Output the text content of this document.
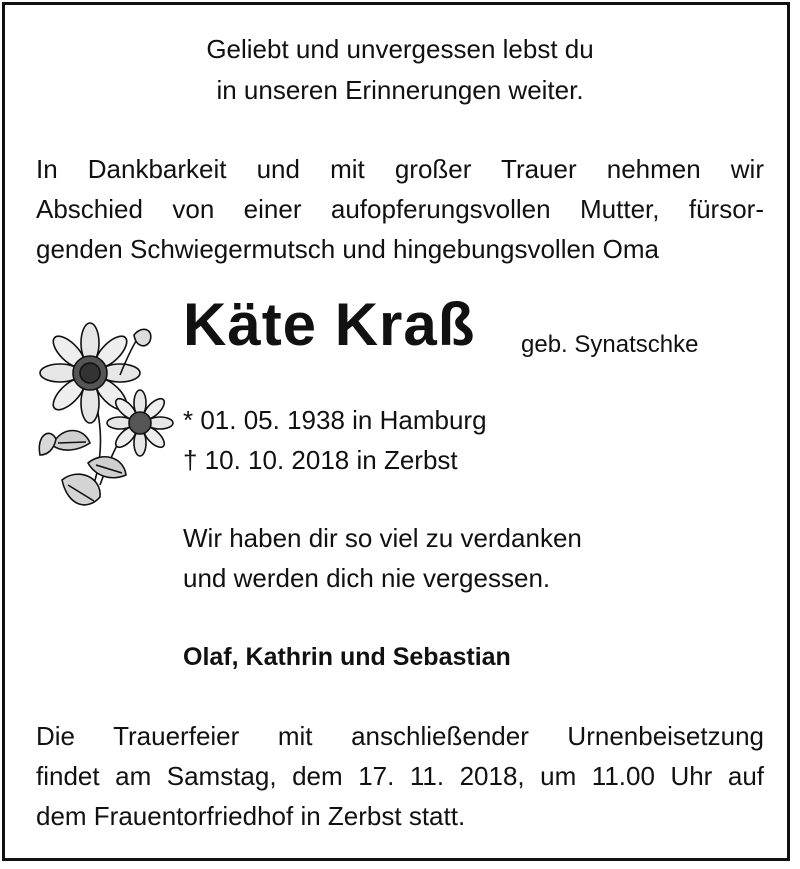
Geliebt und unvergessen lebst du
in unseren Erinnerungen weiter.
In Dankbarkeit und mit großer Trauer nehmen wir
Abschied von einer aufopferungsvollen Mutter, fürsor-
genden Schwiegermutsch und hingebungsvollen Oma
Käte Kraß geb. Synatschke
* 01. 05. 1938 in Hamburg
† 10. 10. 2018 in Zerbst
Wir haben dir so viel zu verdanken
und werden dich nie vergessen.
Olaf, Kathrin und Sebastian
Die Trauerfeier mit anschließender Urnenbeisetzung
findet am Samstag, dem 17. 11. 2018, um 11.00 Uhr auf
dem Frauentorfriedhof in Zerbst statt.
